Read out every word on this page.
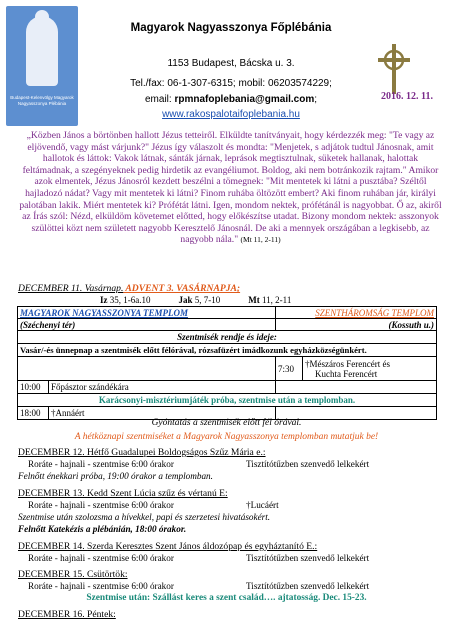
Budapest-Kelenvölgy Magyarok Nagyasszonya Plébánia
Magyarok Nagyasszonya Főplébánia
1153 Budapest, Bácska u. 3.
Tel./fax: 06-1-307-6315; mobil: 06203574229;
email: rpmnafoplebania@gmail.com;
www.rakospalotaifoplebania.hu
2016. 12. 11.
„Közben János a börtönben hallott Jézus tetteiről. Elküldte tanítványait, hogy kérdezzék meg: "Te vagy az eljövendő, vagy mást várjunk?" Jézus így válaszolt és mondta: "Menjetek, s adjátok tudtul Jánosnak, amit hallotok és láttok: Vakok látnak, sánták járnak, leprások megtisztulnak, süketek hallanak, halottak feltámadnak, a szegényeknek pedig hirdetik az evangéliumot. Boldog, aki nem botránkozik rajtam." Amikor azok elmentek, Jézus Jánosról kezdett beszélni a tömegnek: "Mit mentetek ki látni a pusztába? Széltől hajladozó nádat? Vagy mit mentetek ki látni? Finom ruhába öltözött embert? Aki finom ruhában jár, királyi palotában lakik. Miért mentetek ki? Prófétát látni. Igen, mondom nektek, prófétánál is nagyobbat. Ő az, akiről az Írás szól: Nézd, elküldöm követemet előtted, hogy előkészítse utadat. Bizony mondom nektek: asszonyok szülöttei közt nem született nagyobb Keresztelő Jánosnál. De aki a mennyek országában a legkisebb, az nagyobb nála." (Mt 11, 2-11)
DECEMBER 11. Vasárnap. ADVENT 3. VASÁRNAPJA;
Iz 35, 1-6a.10	Jak 5, 7-10	Mt 11, 2-11
MAGYAROK NAGYASSZONYA TEMPLOM		SZENTHÁROMSÁG TEMPLOM	
(Széchenyi tér)		(Kossuth u.)	
Szentmisék rendje és ideje:			
Vasár/-és ünnepnap a szentmisék előtt félórával, rózsafüzért imádkozunk egyházközségünkért.			
		7:30	†Mészáros Ferencért és
Kuchta Ferencért
10:00	Főpásztor szándékára		
Karácsonyi-misztériumjáték próba, szentmise után a templomban.			
18:00	†Annáért		
Gyóntatás a szentmisék előtt fél órával.
A hétköznapi szentmiséket a Magyarok Nagyasszonya templomban mutatjuk be!
DECEMBER 12. Hétfő Guadalupei Boldogságos Szűz Mária e.:
Roráte - hajnali - szentmise 6:00 órakor	Tisztítótűzben szenvedő lelkekért
Felnőtt énekkari próba, 19:00 órakor a templomban.
DECEMBER 13. Kedd Szent Lúcia szűz és vértanú E:
Roráte - hajnali - szentmise 6:00 órakor	†Lucáért
Szentmise után szolozsma a hívekkel, papi és szerzetesi hivatásokért.
Felnőtt Katekézis a plébánián, 18:00 órakor.
DECEMBER 14. Szerda Keresztes Szent János áldozópap és egyháztanító E.:
Roráte - hajnali - szentmise 6:00 órakor	Tisztítótűzben szenvedő lelkekért
DECEMBER 15. Csütörtök:
Roráte - hajnali - szentmise 6:00 órakor	Tisztítótűzben szenvedő lelkekért
Szentmise után: Szállást keres a szent család…. ajtatosság. Dec. 15-23.
DECEMBER 16. Péntek:
